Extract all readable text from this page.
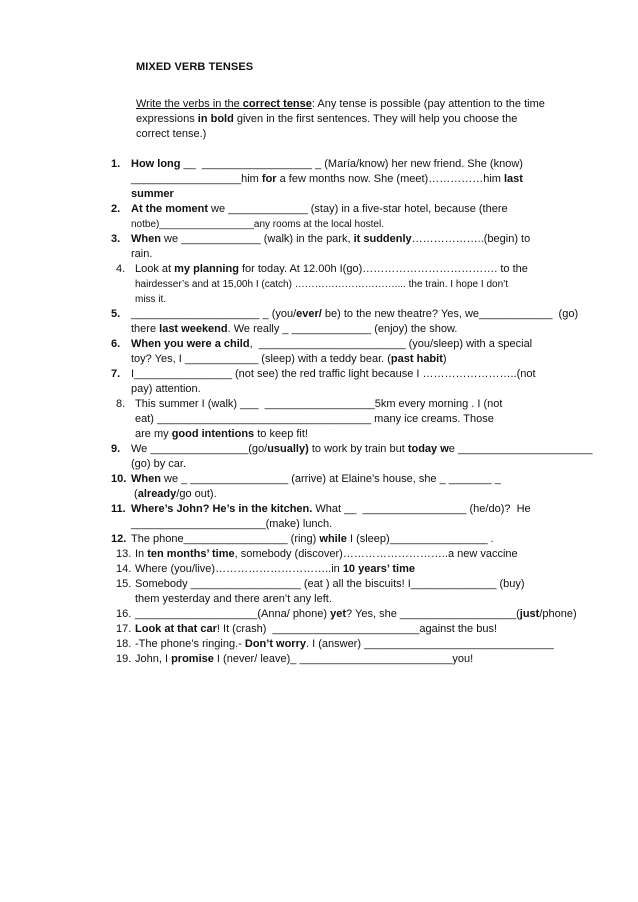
MIXED VERB TENSES
Write the verbs in the correct tense: Any tense is possible (pay attention to the time expressions in bold given in the first sentences. They will help you choose the correct tense.)
1. How long __  __________________ _ (María/know) her new friend. She (know)
__________________him for a few months now. She (meet)……………him last
summer
2. At the moment we _____________ (stay) in a five-star hotel, because (there
notbe)_________________any rooms at the local hostel.
3. When we _____________ (walk) in the park, it suddenly………………..(begin) to
rain.
4. Look at my planning for today. At 12.00h I(go)………………………………. to the
hairdesser’s and at 15,00h I (catch) ………………………….... the train. I hope I don’t
miss it.
5. _____________________ _ (you/ever/ be) to the new theatre? Yes, we____________  (go)
there last weekend. We really _ _____________ (enjoy) the show.
6. When you were a child,  ________________________ (you/sleep) with a special
toy? Yes, I ____________ (sleep) with a teddy bear. (past habit)
7. I________________ (not see) the red traffic light because I ……………………..(not
pay) attention.
8. This summer I (walk) ___  __________________5km every morning . I (not
eat) ___________________________________ many ice creams. Those
are my good intentions to keep fit!
9. We ________________(go/usually) to work by train but today we ______________________
(go) by car.
10. When we _ ________________ (arrive) at Elaine’s house, she _ _______ _
(already/go out).
11. Where’s John? He’s in the kitchen. What __  _________________ (he/do)?  He
______________________(make) lunch.
12. The phone_________________ (ring) while I (sleep)________________ .
13. In ten months’ time, somebody (discover)………………………..a new vaccine
14. Where (you/live)…………………………..in 10 years’ time
15. Somebody __________________ (eat ) all the biscuits! I______________ (buy)
them yesterday and there aren’t any left.
16. ____________________(Anna/ phone) yet? Yes, she ___________________(just/phone)
17. Look at that car! It (crash)  ________________________against the bus!
18. -The phone’s ringing.- Don’t worry. I (answer) _______________________________
19. John, I promise I (never/ leave)_ _________________________you!
